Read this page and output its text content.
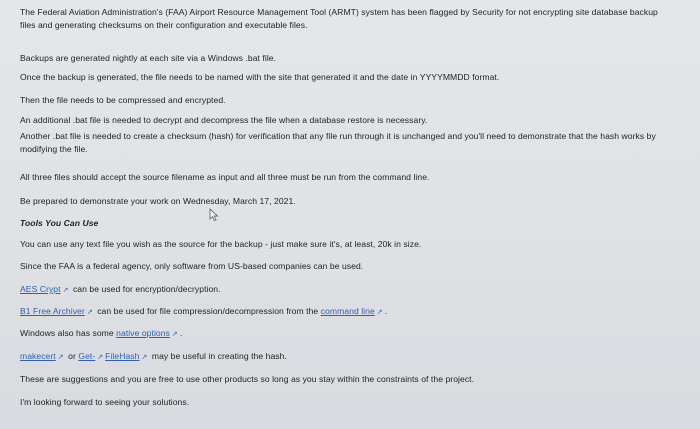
The Federal Aviation Administration's (FAA) Airport Resource Management Tool (ARMT) system has been flagged by Security for not encrypting site database backup files and generating checksums on their configuration and executable files.
Backups are generated nightly at each site via a Windows .bat file.
Once the backup is generated, the file needs to be named with the site that generated it and the date in YYYYMMDD format.
Then the file needs to be compressed and encrypted.
An additional .bat file is needed to decrypt and decompress the file when a database restore is necessary.
Another .bat file is needed to create a checksum (hash) for verification that any file run through it is unchanged and you'll need to demonstrate that the hash works by modifying the file.
All three files should accept the source filename as input and all three must be run from the command line.
Be prepared to demonstrate your work on Wednesday, March 17, 2021.
Tools You Can Use
You can use any text file you wish as the source for the backup - just make sure it's, at least, 20k in size.
Since the FAA is a federal agency, only software from US-based companies can be used.
AES Crypt ↗ can be used for encryption/decryption.
B1 Free Archiver ↗ can be used for file compression/decompression from the command line ↗ .
Windows also has some native options ↗ .
makecert ↗ or Get- ↗ FileHash ↗ may be useful in creating the hash.
These are suggestions and you are free to use other products so long as you stay within the constraints of the project.
I'm looking forward to seeing your solutions.
